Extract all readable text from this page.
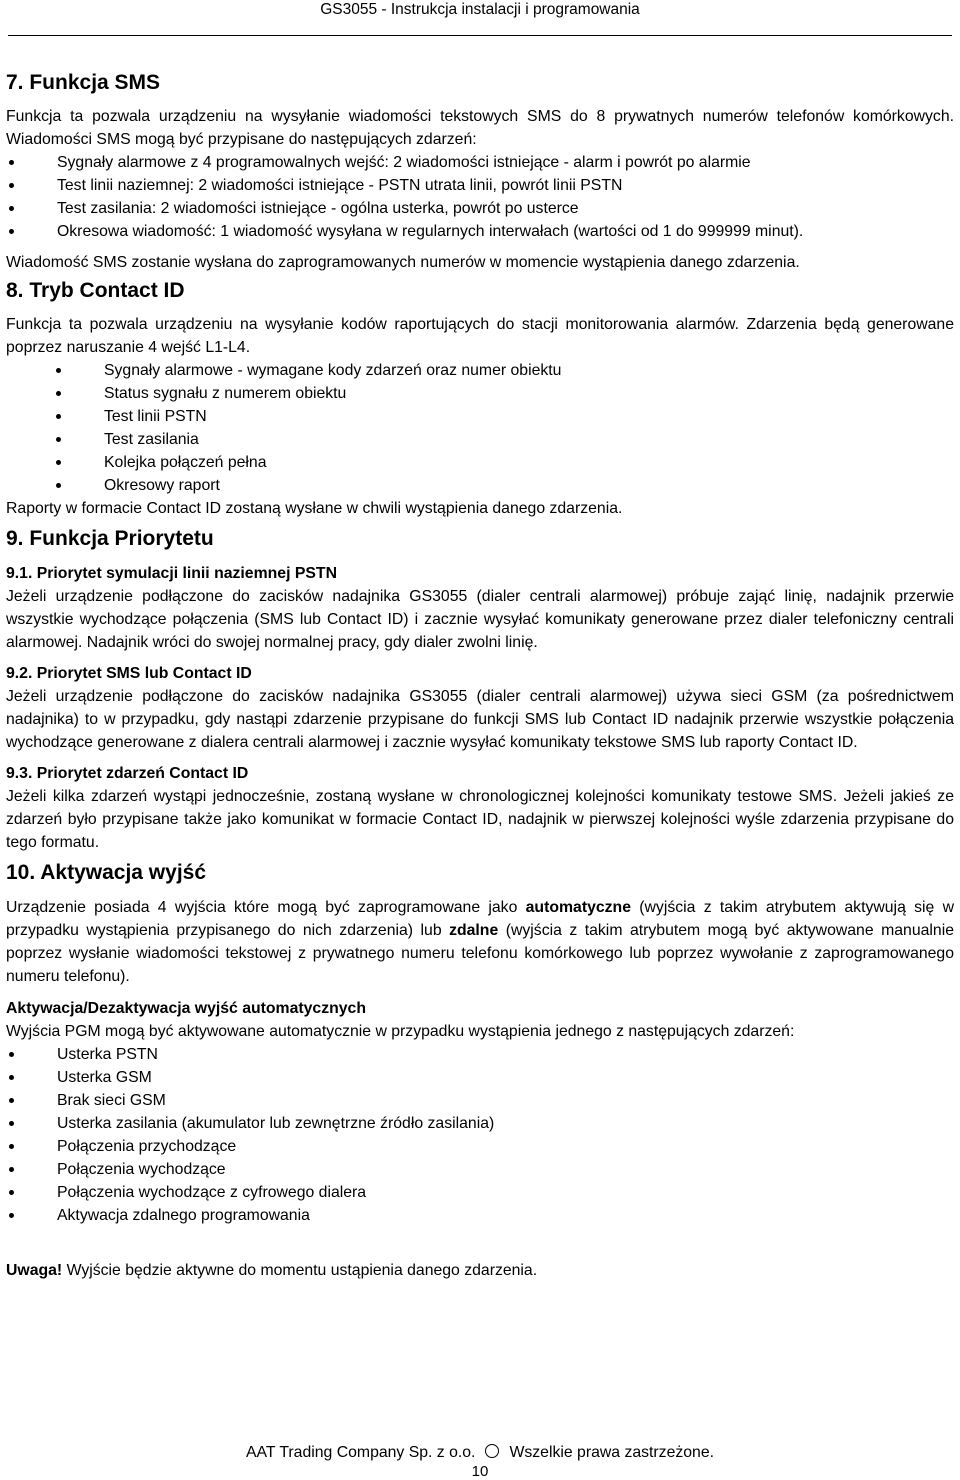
GS3055 - Instrukcja instalacji i programowania
7. Funkcja SMS
Funkcja ta pozwala urządzeniu na wysyłanie wiadomości tekstowych SMS do 8 prywatnych numerów telefonów komórkowych. Wiadomości SMS mogą być przypisane do następujących zdarzeń:
Sygnały alarmowe z 4 programowalnych wejść: 2 wiadomości istniejące - alarm i powrót po alarmie
Test linii naziemnej: 2 wiadomości istniejące - PSTN utrata linii, powrót linii PSTN
Test zasilania: 2 wiadomości istniejące - ogólna usterka, powrót po usterce
Okresowa wiadomość: 1 wiadomość wysyłana w regularnych interwałach (wartości od 1 do 999999 minut).
Wiadomość SMS zostanie wysłana do zaprogramowanych numerów w momencie wystąpienia danego zdarzenia.
8. Tryb Contact ID
Funkcja ta pozwala urządzeniu na wysyłanie kodów raportujących do stacji monitorowania alarmów. Zdarzenia będą generowane poprzez naruszanie 4 wejść L1-L4.
Sygnały alarmowe - wymagane kody zdarzeń oraz numer obiektu
Status sygnału z numerem obiektu
Test linii PSTN
Test zasilania
Kolejka połączeń pełna
Okresowy raport
Raporty w formacie Contact ID zostaną wysłane w chwili wystąpienia danego zdarzenia.
9. Funkcja Priorytetu
9.1. Priorytet symulacji linii naziemnej PSTN
Jeżeli urządzenie podłączone do zacisków nadajnika GS3055 (dialer centrali alarmowej) próbuje zająć linię, nadajnik przerwie wszystkie wychodzące połączenia (SMS lub Contact ID) i zacznie wysyłać komunikaty generowane przez dialer telefoniczny centrali alarmowej. Nadajnik wróci do swojej normalnej pracy, gdy dialer zwolni linię.
9.2. Priorytet SMS lub Contact ID
Jeżeli urządzenie podłączone do zacisków nadajnika GS3055 (dialer centrali alarmowej) używa sieci GSM (za pośrednictwem nadajnika) to w przypadku, gdy nastąpi zdarzenie przypisane do funkcji SMS lub Contact ID nadajnik przerwie wszystkie połączenia wychodzące generowane z dialera centrali alarmowej i zacznie wysyłać komunikaty tekstowe SMS lub raporty Contact ID.
9.3. Priorytet zdarzeń Contact ID
Jeżeli kilka zdarzeń wystąpi jednocześnie, zostaną wysłane w chronologicznej kolejności komunikaty testowe SMS. Jeżeli jakieś ze zdarzeń było przypisane także jako komunikat w formacie Contact ID, nadajnik w pierwszej kolejności wyśle zdarzenia przypisane do tego formatu.
10. Aktywacja wyjść
Urządzenie posiada 4 wyjścia które mogą być zaprogramowane jako automatyczne (wyjścia z takim atrybutem aktywują się w przypadku wystąpienia przypisanego do nich zdarzenia) lub zdalne (wyjścia z takim atrybutem mogą być aktywowane manualnie poprzez wysłanie wiadomości tekstowej z prywatnego numeru telefonu komórkowego lub poprzez wywołanie z zaprogramowanego numeru telefonu).
Aktywacja/Dezaktywacja wyjść automatycznych
Wyjścia PGM mogą być aktywowane automatycznie w przypadku wystąpienia jednego z następujących zdarzeń:
Usterka PSTN
Usterka GSM
Brak sieci GSM
Usterka zasilania (akumulator lub zewnętrzne źródło zasilania)
Połączenia przychodzące
Połączenia wychodzące
Połączenia wychodzące z cyfrowego dialera
Aktywacja zdalnego programowania
Uwaga! Wyjście będzie aktywne do momentu ustąpienia danego zdarzenia.
AAT Trading Company Sp. z o.o. Wszelkie prawa zastrzeżone.
10
